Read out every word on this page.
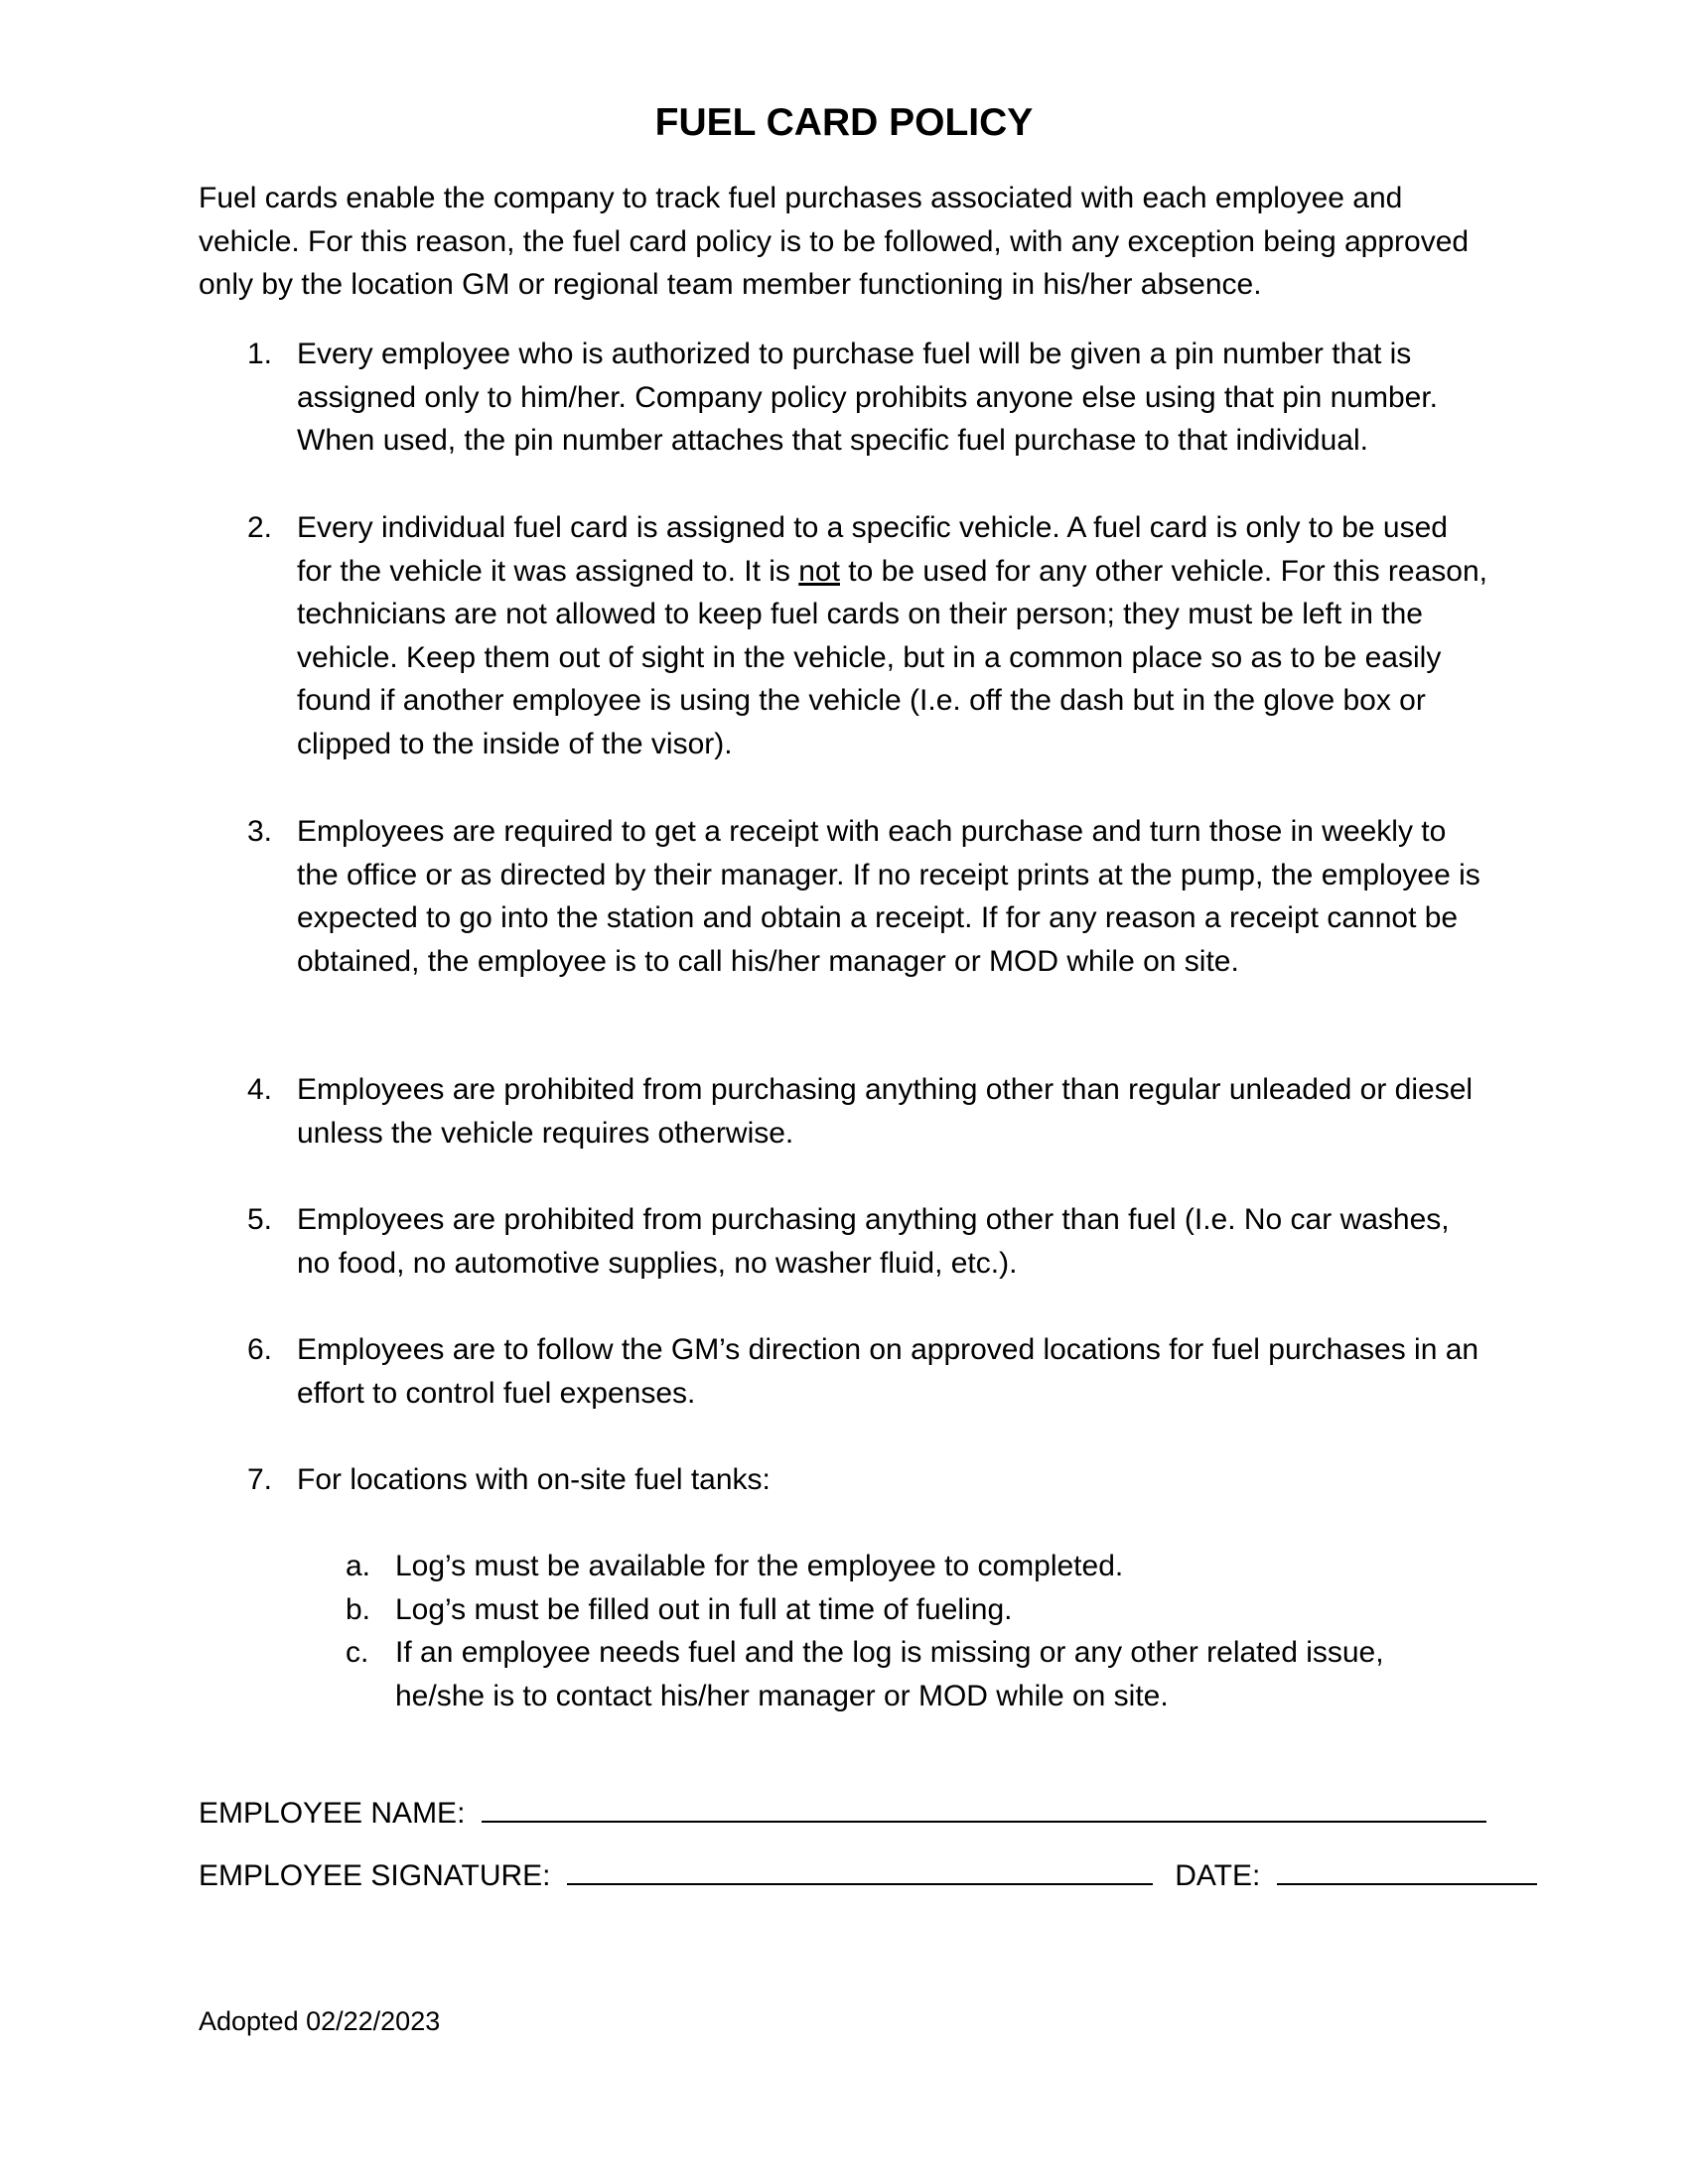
FUEL CARD POLICY
Fuel cards enable the company to track fuel purchases associated with each employee and vehicle. For this reason, the fuel card policy is to be followed, with any exception being approved only by the location GM or regional team member functioning in his/her absence.
1. Every employee who is authorized to purchase fuel will be given a pin number that is assigned only to him/her. Company policy prohibits anyone else using that pin number. When used, the pin number attaches that specific fuel purchase to that individual.
2. Every individual fuel card is assigned to a specific vehicle. A fuel card is only to be used for the vehicle it was assigned to. It is not to be used for any other vehicle. For this reason, technicians are not allowed to keep fuel cards on their person; they must be left in the vehicle. Keep them out of sight in the vehicle, but in a common place so as to be easily found if another employee is using the vehicle (I.e. off the dash but in the glove box or clipped to the inside of the visor).
3. Employees are required to get a receipt with each purchase and turn those in weekly to the office or as directed by their manager. If no receipt prints at the pump, the employee is expected to go into the station and obtain a receipt. If for any reason a receipt cannot be obtained, the employee is to call his/her manager or MOD while on site.
4. Employees are prohibited from purchasing anything other than regular unleaded or diesel unless the vehicle requires otherwise.
5. Employees are prohibited from purchasing anything other than fuel (I.e. No car washes, no food, no automotive supplies, no washer fluid, etc.).
6. Employees are to follow the GM’s direction on approved locations for fuel purchases in an effort to control fuel expenses.
7. For locations with on-site fuel tanks:
a. Log’s must be available for the employee to completed.
b. Log’s must be filled out in full at time of fueling.
c. If an employee needs fuel and the log is missing or any other related issue, he/she is to contact his/her manager or MOD while on site.
EMPLOYEE NAME:
EMPLOYEE SIGNATURE:	DATE:
Adopted 02/22/2023
